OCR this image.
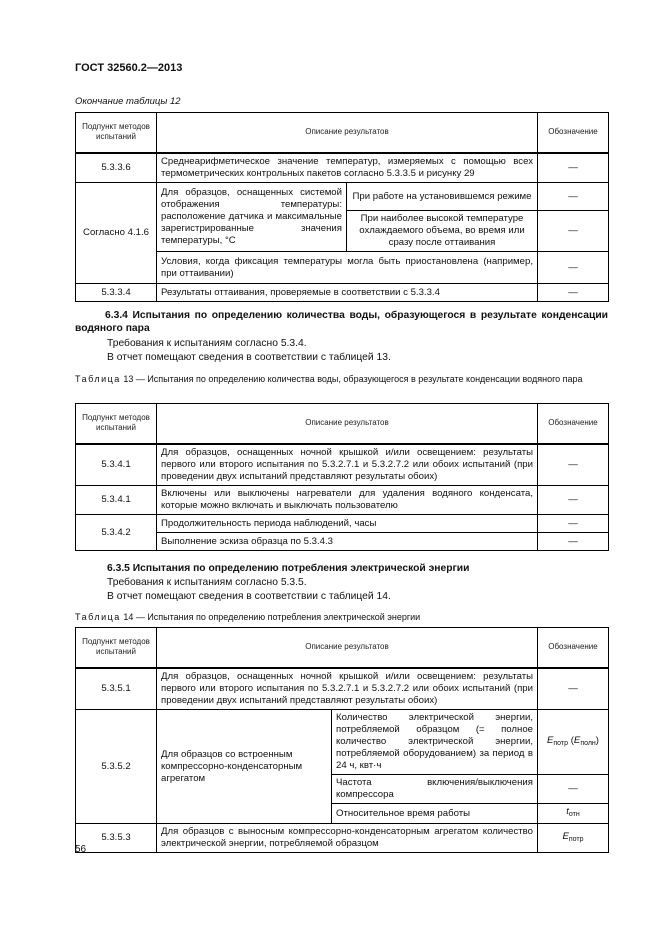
ГОСТ 32560.2—2013
Окончание таблицы 12
Подпункт методов испытаний	Описание результатов		Обозначение
5.3.3.6	Среднеарифметическое значение температур, измеряемых с помощью всех термометрических контрольных пакетов согласно 5.3.3.5 и рисунку 29		—
Согласно 4.1.6	Для образцов, оснащенных системой отображения температуры: расположение датчика и максимальные зарегистрированные значения температуры, °С	При работе на установившемся режиме	—
		При наиболее высокой температуре охлаждаемого объема, во время или сразу после оттаивания	—
	Условия, когда фиксация температуры могла быть приостановлена (например, при оттаивании)		—
5.3.3.4	Результаты оттаивания, проверяемые в соответствии с 5.3.3.4		—
6.3.4 Испытания по определению количества воды, образующегося в результате конденсации водяного пара
Требования к испытаниям согласно 5.3.4.
В отчет помещают сведения в соответствии с таблицей 13.
Таблица 13 — Испытания по определению количества воды, образующегося в результате конденсации водяного пара
Подпункт методов испытаний	Описание результатов	Обозначение
5.3.4.1	Для образцов, оснащенных ночной крышкой и/или освещением: результаты первого или второго испытания по 5.3.2.7.1 и 5.3.2.7.2 или обоих испытаний (при проведении двух испытаний представляют результаты обоих)	—
5.3.4.1	Включены или выключены нагреватели для удаления водяного конденсата, которые можно включать и выключать пользователю	—
5.3.4.2	Продолжительность периода наблюдений, часы	—
	Выполнение эскиза образца по 5.3.4.3	—
6.3.5 Испытания по определению потребления электрической энергии
Требования к испытаниям согласно 5.3.5.
В отчет помещают сведения в соответствии с таблицей 14.
Таблица 14 — Испытания по определению потребления электрической энергии
Подпункт методов испытаний	Описание результатов		Обозначение
5.3.5.1	Для образцов, оснащенных ночной крышкой и/или освещением: результаты первого или второго испытания по 5.3.2.7.1 и 5.3.2.7.2 или обоих испытаний (при проведении двух испытаний представляют результаты обоих)		—
5.3.5.2	Для образцов со встроенным компрессорно-конденсаторным агрегатом	Количество электрической энергии, потребляемой образцом (= полное количество электрической энергии, потребляемой оборудованием) за период в 24 ч, квт·ч	$E_{потр}$ $(E_{полн})$
		Частота включения/выключения компрессора	—
		Относительное время работы	$t_{отн}$
5.3.5.3	Для образцов с выносным компрессорно-конденсаторным агрегатом количество электрической энергии, потребляемой образцом		$E_{потр}$
56
